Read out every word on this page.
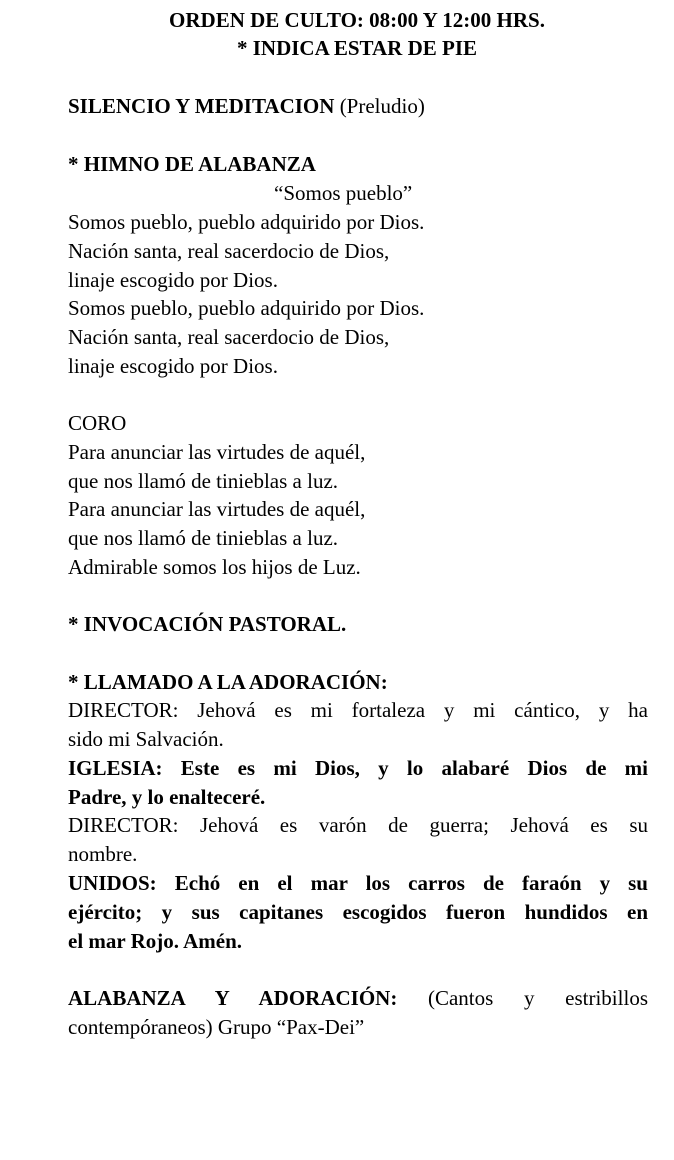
ORDEN DE CULTO: 08:00 Y 12:00 HRS.
* INDICA ESTAR DE PIE
SILENCIO Y MEDITACION (Preludio)
* HIMNO DE ALABANZA
“Somos pueblo”
Somos pueblo, pueblo adquirido por Dios.
Nación santa, real sacerdocio de Dios,
linaje escogido por Dios.
Somos pueblo, pueblo adquirido por Dios.
Nación santa, real sacerdocio de Dios,
linaje escogido por Dios.
CORO
Para anunciar las virtudes de aquél,
que nos llamó de tinieblas a luz.
Para anunciar las virtudes de aquél,
que nos llamó de tinieblas a luz.
Admirable somos los hijos de Luz.
* INVOCACIÓN PASTORAL.
* LLAMADO A LA ADORACIÓN:
DIRECTOR: Jehová es mi fortaleza y mi cántico, y ha
sido mi Salvación.
IGLESIA: Este es mi Dios, y lo alabaré Dios de mi
Padre, y lo enalteceré.
DIRECTOR: Jehová es varón de guerra; Jehová es su
nombre.
UNIDOS: Echó en el mar los carros de faraón y su
ejército; y sus capitanes escogidos fueron hundidos en
el mar Rojo. Amén.
ALABANZA Y ADORACIÓN: (Cantos y estribillos
contempóraneos) Grupo “Pax-Dei”
